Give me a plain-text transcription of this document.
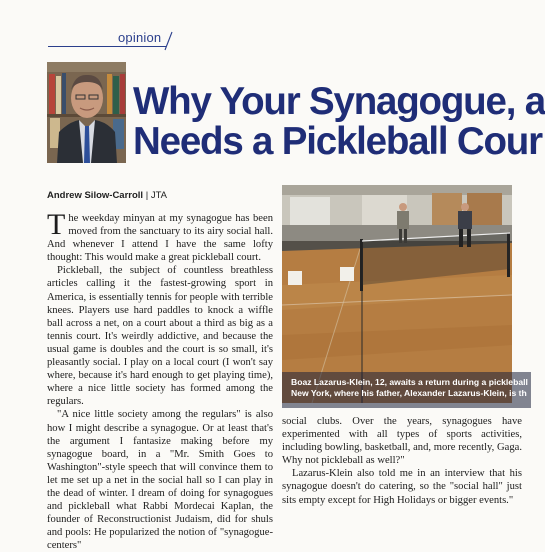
opinion
Why Your Synagogue, a
Needs a Pickleball Cour
Andrew Silow-Carroll | JTA

The weekday minyan at my synagogue has been moved from the sanctuary to its airy social hall. And whenever I attend I have the same lofty thought: This would make a great pickleball court.

Pickleball, the subject of countless breathless articles calling it the fastest-growing sport in America, is essentially tennis for people with terrible knees. Players use hard paddles to knock a wiffle ball across a net, on a court about a third as big as a tennis court. It's weirdly addictive, and because the usual game is doubles and the court is so small, it's pleasantly social. I play on a local court (I won't say where, because it's hard enough to get playing time), where a nice little society has formed among the regulars.

"A nice little society among the regulars" is also how I might describe a synagogue. Or at least that's the argument I fantasize making before my synagogue board, in a "Mr. Smith Goes to Washington"-style speech that will convince them to let me set up a net in the social hall so I can play in the dead of winter. I dream of doing for synagogues and pickleball what Rabbi Mordecai Kaplan, the founder of Reconstructionist Judaism, did for shuls and pools: He popularized the notion of "synagogue-centers"

Boaz Lazarus-Klein, 12, awaits a return during a pickleball
New York, where his father, Alexander Lazarus-Klein, is th

social clubs. Over the years, synagogues have experimented with all types of sports activities, including bowling, basketball, and, more recently, Gaga. Why not pickleball as well?"

Lazarus-Klein also told me in an interview that his synagogue doesn't do catering, so the "social hall" just sits empty except for High Holidays or bigger events."
